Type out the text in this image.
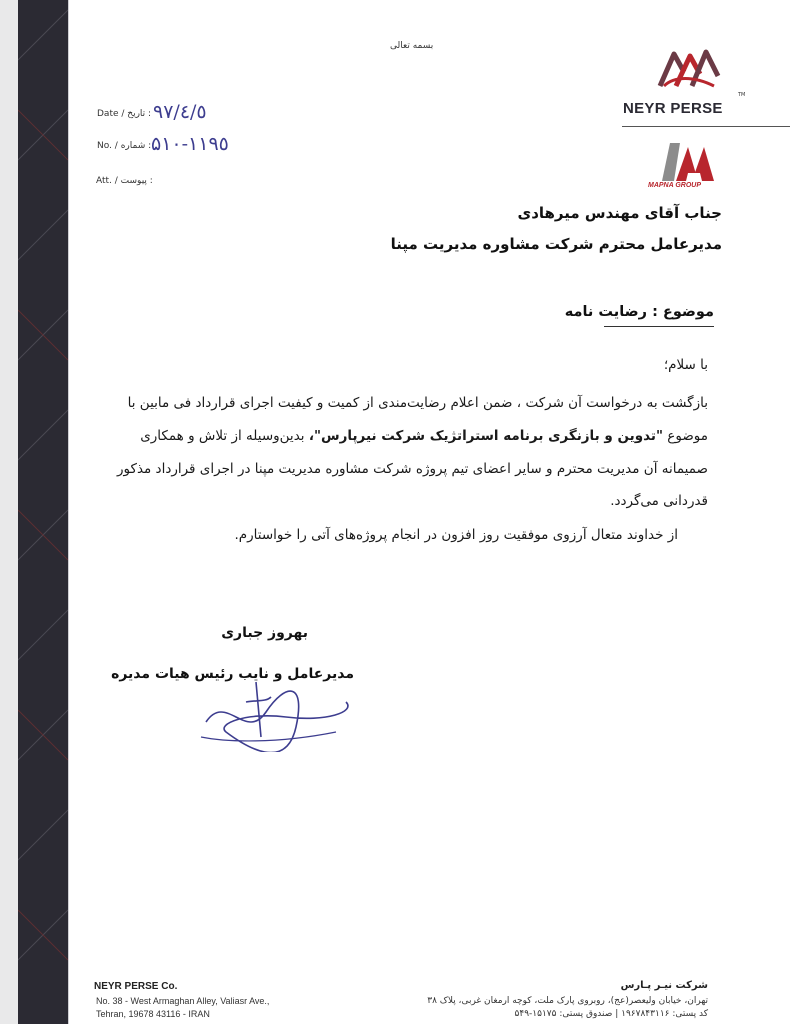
بسمه تعالی
NEYR PERSE
TM
MAPNA GROUP
Date / تاریخ : ۹۷/٤/٥
No. / شماره : ۵۱۰-۱۱۹٥
Att. / پیوست :
جناب آقای مهندس میرهادی
مدیرعامل محترم شرکت مشاوره مدیریت مپنا
موضوع : رضایت نامه
با سلام؛
بازگشت به درخواست آن شرکت ، ضمن اعلام رضایت‌مندی از کمیت و کیفیت اجرای قرارداد فی مابین با
موضوع "تدوین و بازنگری برنامه استراتژیک شرکت نیرپارس"، بدین‌وسیله از تلاش و همکاری
صمیمانه آن مدیریت محترم و سایر اعضای تیم پروژه شرکت مشاوره مدیریت مپنا در اجرای قرارداد مذکور
قدردانی می‌گردد.
از خداوند متعال آرزوی موفقیت روز افزون در انجام پروژه‌های آتی را خواستارم.
بهروز جباری
مدیرعامل و نایب رئیس هیات مدیره
NEYR PERSE Co.
No. 38 - West Armaghan Alley, Valiasr Ave.,
Tehran, 19678 43116 - IRAN
شرکت نیـر پـارس
تهران، خیابان ولیعصر(عج)، روبروی پارک ملت، کوچه ارمغان غربی، پلاک ۳۸
کد پستی: ۱۹۶۷۸۴۳۱۱۶ | صندوق پستی: ۱۵۱۷۵-۵۴۹
